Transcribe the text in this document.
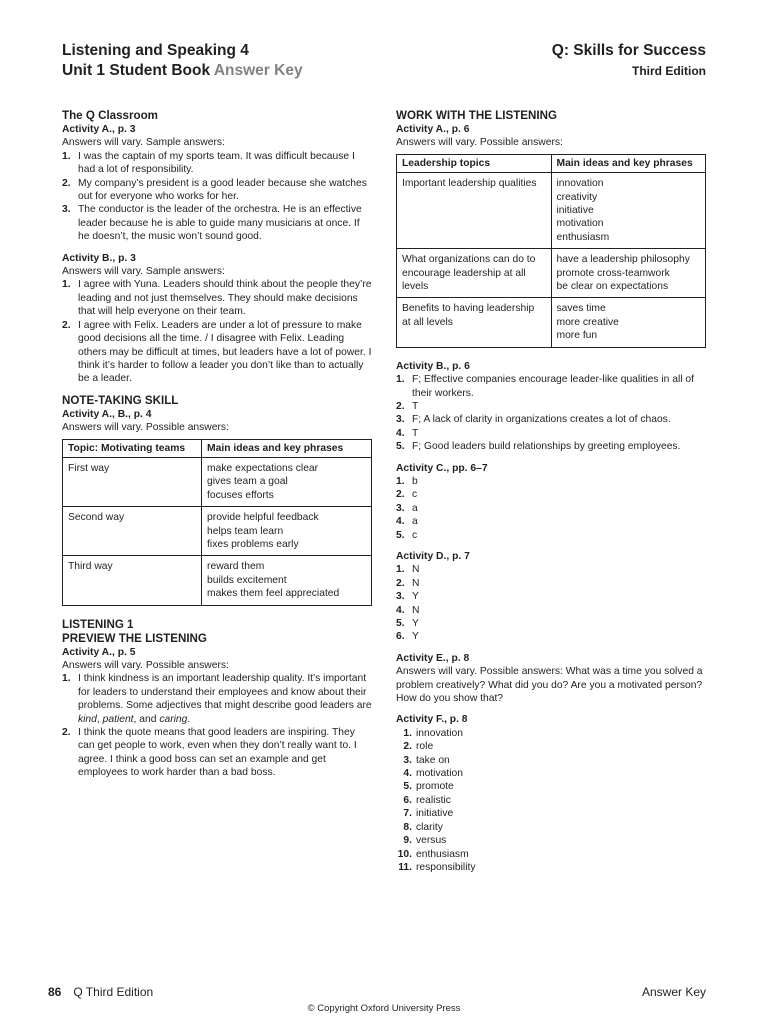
Listening and Speaking 4
Unit 1 Student Book Answer Key
Q: Skills for Success
Third Edition
The Q Classroom
Activity A., p. 3

Answers will vary. Sample answers:

1. I was the captain of my sports team. It was difficult because I had a lot of responsibility.
2. My company’s president is a good leader because she watches out for everyone who works for her.
3. The conductor is the leader of the orchestra. He is an effective leader because he is able to guide many musicians at once. If he doesn’t, the music won’t sound good.
Activity B., p. 3

Answers will vary. Sample answers:

1. I agree with Yuna. Leaders should think about the people they’re leading and not just themselves. They should make decisions that will help everyone on their team.
2. I agree with Felix. Leaders are under a lot of pressure to make good decisions all the time. / I disagree with Felix. Leading others may be difficult at times, but leaders have a lot of power. I think it’s harder to follow a leader you don’t like than to actually be a leader.
NOTE-TAKING SKILL
Activity A., B., p. 4

Answers will vary. Possible answers:

Topic: Motivating teams	Main ideas and key phrases
First way	make expectations clear
gives team a goal
focuses efforts

Second way	provide helpful feedback
helps team learn
fixes problems early

Third way	reward them
builds excitement
makes them feel appreciated
LISTENING 1
PREVIEW THE LISTENING
Activity A., p. 5

Answers will vary. Possible answers:

1. I think kindness is an important leadership quality. It’s important for leaders to understand their employees and know about their problems. Some adjectives that might describe good leaders are kind, patient, and caring.
2. I think the quote means that good leaders are inspiring. They can get people to work, even when they don’t really want to. I agree. I think a good boss can set an example and get employees to work harder than a bad boss.
WORK WITH THE LISTENING
Activity A., p. 6

Answers will vary. Possible answers:

Leadership topics	Main ideas and key phrases
Important leadership qualities	innovation
creativity
initiative
motivation
enthusiasm

What organizations can do to encourage leadership at all levels	have a leadership philosophy
promote cross-teamwork
be clear on expectations

Benefits to having leadership at all levels	saves time
more creative
more fun
Activity B., p. 6
1. F; Effective companies encourage leader-like qualities in all of their workers.
2. T
3. F; A lack of clarity in organizations creates a lot of chaos.
4. T
5. F; Good leaders build relationships by greeting employees.
Activity C., pp. 6–7
1. b
2. c
3. a
4. a
5. c
Activity D., p. 7
1. N
2. N
3. Y
4. N
5. Y
6. Y
Activity E., p. 8

Answers will vary. Possible answers: What was a time you solved a problem creatively? What did you do? Are you a motivated person? How do you show that?

Activity F., p. 8
1. innovation
2. role
3. take on
4. motivation
5. promote
6. realistic
7. initiative
8. clarity
9. versus
10. enthusiasm
11. responsibility
86 Q Third Edition	Answer Key
© Copyright Oxford University Press
